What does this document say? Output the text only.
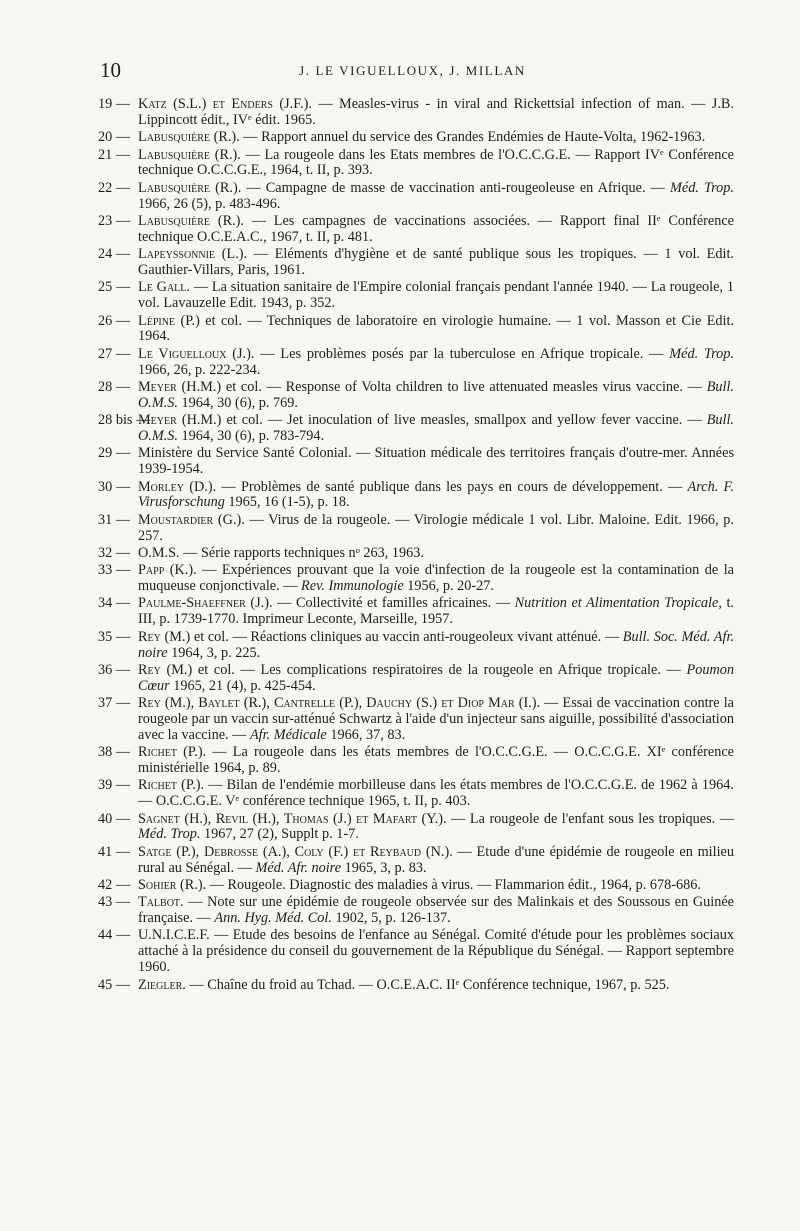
10	J. LE VIGUELLOUX, J. MILLAN
19 — Katz (S.L.) et Enders (J.F.). — Measles-virus - in viral and Rickettsial infection of man. — J.B. Lippincott édit., IVᵉ édit. 1965.
20 — Labusquière (R.). — Rapport annuel du service des Grandes Endémies de Haute-Volta, 1962-1963.
21 — Labusquière (R.). — La rougeole dans les Etats membres de l'O.C.C.G.E. — Rapport IVᵉ Conférence technique O.C.C.G.E., 1964, t. II, p. 393.
22 — Labusquière (R.). — Campagne de masse de vaccination anti-rougeoleuse en Afrique. — Méd. Trop. 1966, 26 (5), p. 483-496.
23 — Labusquière (R.). — Les campagnes de vaccinations associées. — Rapport final IIᵉ Conférence technique O.C.E.A.C., 1967, t. II, p. 481.
24 — Lapeyssonnie (L.). — Eléments d'hygiène et de santé publique sous les tropiques. — 1 vol. Edit. Gauthier-Villars, Paris, 1961.
25 — Le Gall. — La situation sanitaire de l'Empire colonial français pendant l'année 1940. — La rougeole, 1 vol. Lavauzelle Edit. 1943, p. 352.
26 — Lépine (P.) et col. — Techniques de laboratoire en virologie humaine. — 1 vol. Masson et Cie Edit. 1964.
27 — Le Viguelloux (J.). — Les problèmes posés par la tuberculose en Afrique tropicale. — Méd. Trop. 1966, 26, p. 222-234.
28 — Meyer (H.M.) et col. — Response of Volta children to live attenuated measles virus vaccine. — Bull. O.M.S. 1964, 30 (6), p. 769.
28 bis —
Meyer (H.M.) et col. — Jet inoculation of live measles, smallpox and yellow fever vaccine. — Bull. O.M.S. 1964, 30 (6), p. 783-794.
29 — Ministère du Service Santé Colonial. — Situation médicale des territoires français d'outre-mer. Années 1939-1954.
30 — Morley (D.). — Problèmes de santé publique dans les pays en cours de développement. — Arch. F. Virusforschung 1965, 16 (1-5), p. 18.
31 — Moustardier (G.). — Virus de la rougeole. — Virologie médicale 1 vol. Libr. Maloine. Edit. 1966, p. 257.
32 — O.M.S. — Série rapports techniques nᵒ 263, 1963.
33 — Papp (K.). — Expériences prouvant que la voie d'infection de la rougeole est la contamination de la muqueuse conjonctivale. — Rev. Immunologie 1956, p. 20-27.
34 — Paulme-Shaeffner (J.). — Collectivité et familles africaines. — Nutrition et Alimentation Tropicale, t. III, p. 1739-1770. Imprimeur Leconte, Marseille, 1957.
35 — Rey (M.) et col. — Réactions cliniques au vaccin anti-rougeoleux vivant atténué. — Bull. Soc. Méd. Afr. noire 1964, 3, p. 225.
36 — Rey (M.) et col. — Les complications respiratoires de la rougeole en Afrique tropicale. — Poumon Cœur 1965, 21 (4), p. 425-454.
37 — Rey (M.), Baylet (R.), Cantrelle (P.), Dauchy (S.) et Diop Mar (I.). — Essai de vaccination contre la rougeole par un vaccin sur-atténué Schwartz à l'aide d'un injecteur sans aiguille, possibilité d'association avec la vaccine. — Afr. Médicale 1966, 37, 83.
38 — Richet (P.). — La rougeole dans les états membres de l'O.C.C.G.E. — O.C.C.G.E. XIᵉ conférence ministérielle 1964, p. 89.
39 — Richet (P.). — Bilan de l'endémie morbilleuse dans les états membres de l'O.C.C.G.E. de 1962 à 1964. — O.C.C.G.E. Vᵉ conférence technique 1965, t. II, p. 403.
40 — Sagnet (H.), Revil (H.), Thomas (J.) et Mafart (Y.). — La rougeole de l'enfant sous les tropiques. — Méd. Trop. 1967, 27 (2), Supplt p. 1-7.
41 — Satge (P.), Debrosse (A.), Coly (F.) et Reybaud (N.). — Etude d'une épidémie de rougeole en milieu rural au Sénégal. — Méd. Afr. noire 1965, 3, p. 83.
42 — Sohier (R.). — Rougeole. Diagnostic des maladies à virus. — Flammarion édit., 1964, p. 678-686.
43 — Talbot. — Note sur une épidémie de rougeole observée sur des Malinkais et des Soussous en Guinée française. — Ann. Hyg. Méd. Col. 1902, 5, p. 126-137.
44 — U.N.I.C.E.F. — Etude des besoins de l'enfance au Sénégal. Comité d'étude pour les problèmes sociaux attaché à la présidence du conseil du gouvernement de la République du Sénégal. — Rapport septembre 1960.
45 — Ziegler. — Chaîne du froid au Tchad. — O.C.E.A.C. IIᵉ Conférence technique, 1967, p. 525.
